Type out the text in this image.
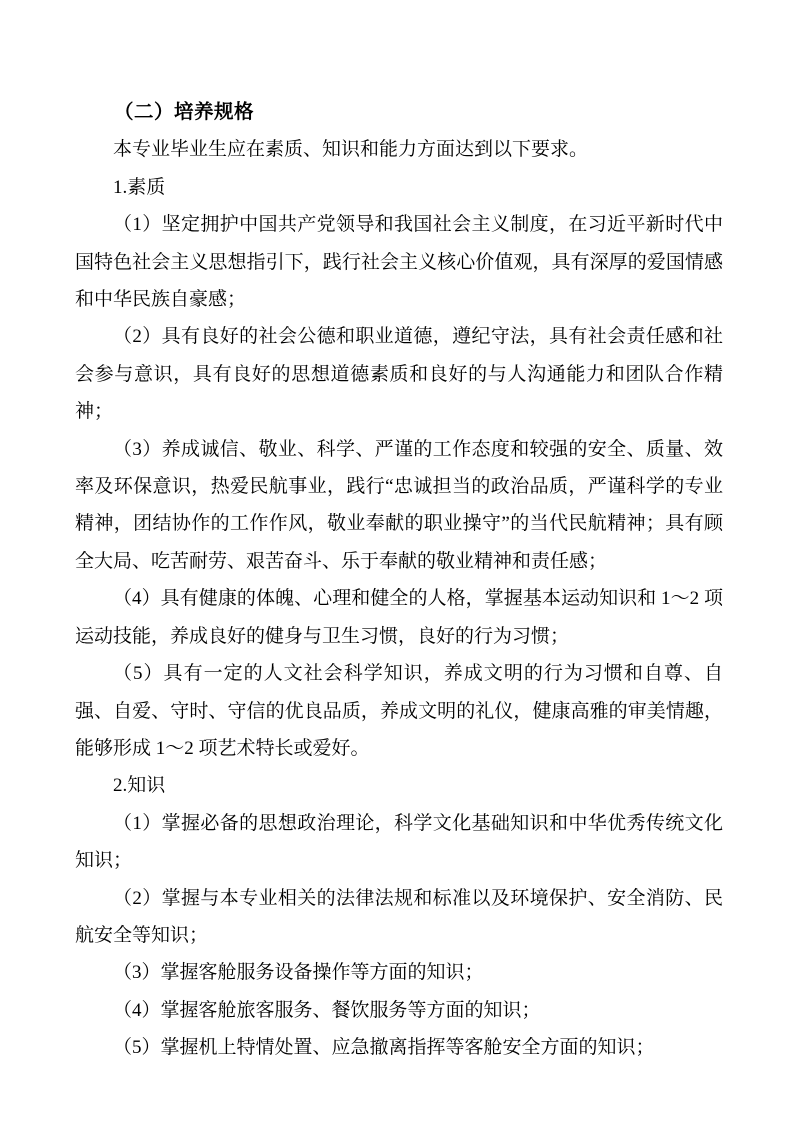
（二）培养规格

本专业毕业生应在素质、知识和能力方面达到以下要求。

1.素质

（1）坚定拥护中国共产党领导和我国社会主义制度，在习近平新时代中国特色社会主义思想指引下，践行社会主义核心价值观，具有深厚的爱国情感和中华民族自豪感；

（2）具有良好的社会公德和职业道德，遵纪守法，具有社会责任感和社会参与意识，具有良好的思想道德素质和良好的与人沟通能力和团队合作精神；

（3）养成诚信、敬业、科学、严谨的工作态度和较强的安全、质量、效率及环保意识，热爱民航事业，践行“忠诚担当的政治品质，严谨科学的专业精神，团结协作的工作作风，敬业奉献的职业操守”的当代民航精神；具有顾全大局、吃苦耐劳、艰苦奋斗、乐于奉献的敬业精神和责任感；

（4）具有健康的体魄、心理和健全的人格，掌握基本运动知识和 1～2 项运动技能，养成良好的健身与卫生习惯，良好的行为习惯；

（5）具有一定的人文社会科学知识，养成文明的行为习惯和自尊、自强、自爱、守时、守信的优良品质，养成文明的礼仪，健康高雅的审美情趣，能够形成 1～2 项艺术特长或爱好。

2.知识

（1）掌握必备的思想政治理论，科学文化基础知识和中华优秀传统文化知识；

（2）掌握与本专业相关的法律法规和标准以及环境保护、安全消防、民航安全等知识；

（3）掌握客舱服务设备操作等方面的知识；

（4）掌握客舱旅客服务、餐饮服务等方面的知识；

（5）掌握机上特情处置、应急撤离指挥等客舱安全方面的知识；
